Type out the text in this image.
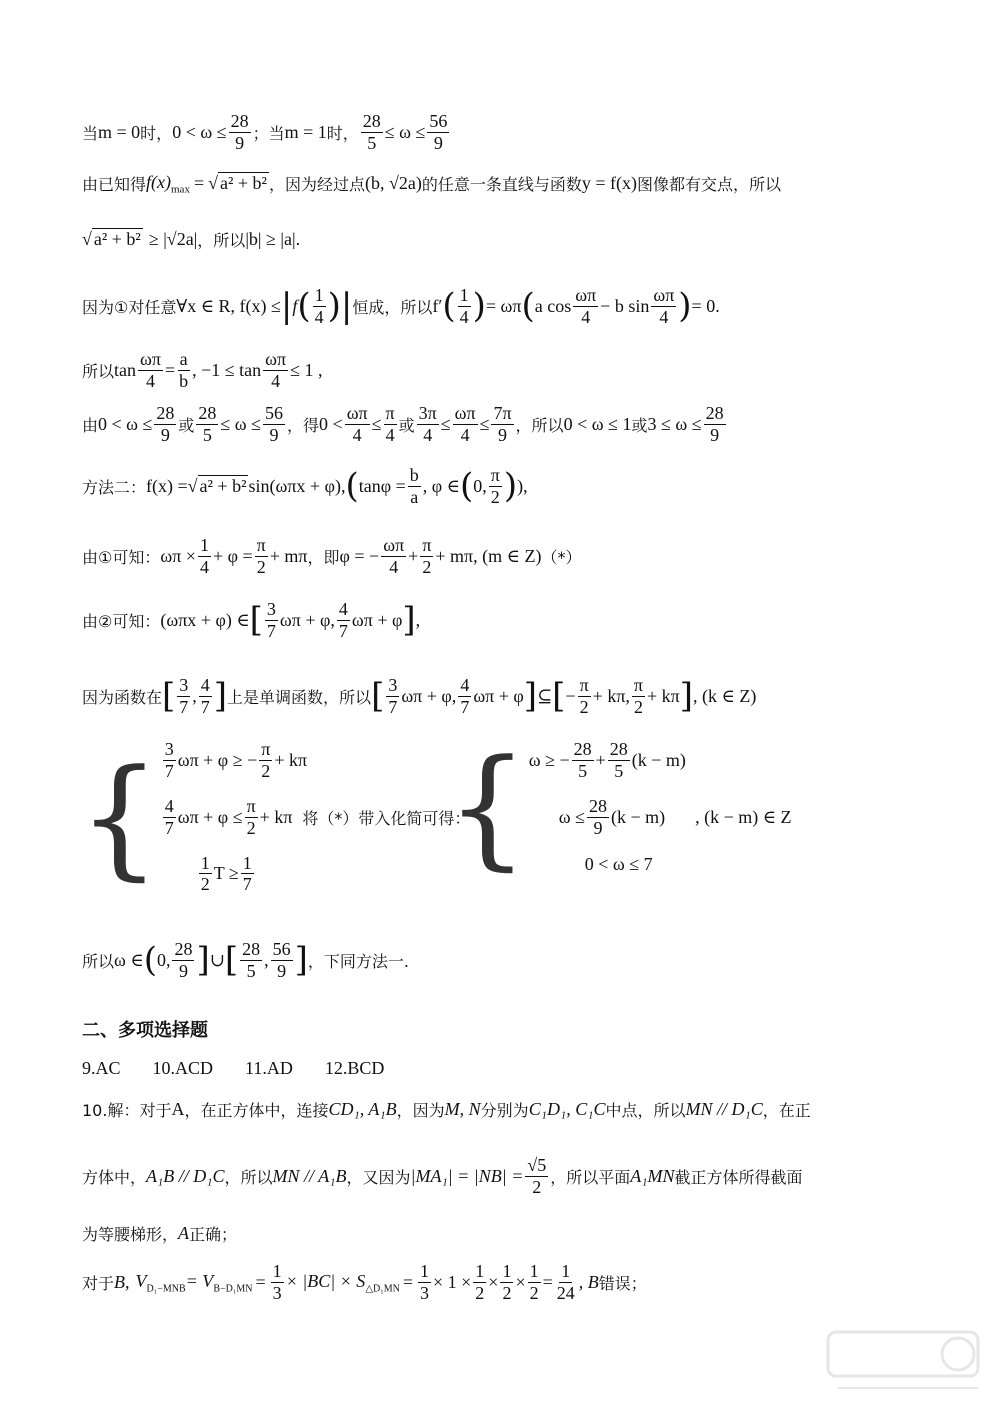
当 m = 0 时， $0 < \omega \le \frac{28}{9}$ ；当 m = 1 时， $\frac{28}{5} \le \omega \le \frac{56}{9}$
由已知得 $f(x)_{max}$ = √ a² + b² ，因为经过点 (b, √2a) 的任意一条直线与函数 y = f(x) 图像都有交点，所以
√ a² + b² ≥ |√2a| ，所以 |b| ≥ |a|.
因为①对任意 ∀x ∈ R, f(x) ≤ | f ( $\frac{1}{4}$ )| 恒成，所以 f′ ( $\frac{1}{4}$ ) = ωπ ( a $\cos \frac{\omega\pi}{4} - b$ $\sin \frac{\omega\pi}{4}$ ) = 0.
所以 $\tan \frac{\omega\pi}{4} = \frac{a}{b}$ , $-1 \le \tan \frac{\omega\pi}{4} \le 1$ ,
由 $0 < \omega \le \frac{28}{9}$ 或 $\frac{28}{5} \le \omega \le \frac{56}{9}$ ，得 $0 < \frac{\omega\pi}{4} \le \frac{\pi}{4}$ 或 $\frac{3\pi}{4} \le \frac{\omega\pi}{4} \le \frac{7\pi}{9}$ ，所以 0 < ω ≤ 1 或 $3 \le \omega \le \frac{28}{9}$
方法二： f(x) = √ a² + b² sin(ωπx + φ), ( $\tan\varphi = \frac{b}{a}$ , φ ∈ ( 0, $\frac{\pi}{2}$ ) ),
由①可知： $\omega\pi \times \frac{1}{4} + \varphi = \frac{\pi}{2} + m\pi$ ，即 φ = − $\frac{\omega\pi}{4} + \frac{\pi}{2} + m\pi$, (m ∈ Z) （*）
由②可知： (ωπx + φ) ∈ [ $\frac{3}{7}$ ωπ + φ, $\frac{4}{7}$ ωπ + φ ] ,
因为函数在 [ $\frac{3}{7}$ , $\frac{4}{7}$ ] 上是单调函数，所以 [ $\frac{3}{7}$ ωπ + φ, $\frac{4}{7}$ ωπ + φ ] ⊆ [ − $\frac{\pi}{2} + k\pi$, $\frac{\pi}{2} + k\pi$ ] , (k ∈ Z)
{ $\frac{3}{7}$ ωπ + φ ≥ − $\frac{\pi}{2} + k\pi$
$\frac{4}{7}$ $\omega\pi + \varphi \le \frac{\pi}{2} + k\pi$ 将（*）带入化简可得：
$\frac{1}{2}$ $T \ge \frac{1}{7}$ { ω ≥ − $\frac{28}{5} + \frac{28}{5} (k - m)$
$\omega \le \frac{28}{9} (k - m)$ , (k − m) ∈ Z
0 < ω ≤ 7
所以 ω ∈ ( 0, $\frac{28}{9}$ ] ∪ [ $\frac{28}{5}$ , $\frac{56}{9}$ ] ，下同方法一.
二、多项选择题
9.AC 10.ACD 11.AD 12.BCD
10.解：对于 A ，在正方体中，连接 CD₁, A₁B ，因为 M, N 分别为 C₁D₁, C₁C 中点，所以 MN // D₁C ，在正
方体中， A₁B // D₁C ，所以 MN // A₁B ，又因为 $|MA_1| = |NB| = \frac{√5}{2}$ ，所以平面 A₁MN 截正方体所得截面
为等腰梯形， A 正确；
对于 B, $V_{D_1-MNB} = V_{B-D_1MN} = \frac{1}{3} \times |BC| \times S_{\triangle D_1MN} = \frac{1}{3} \times 1 \times \frac{1}{2} \times \frac{1}{2} \times \frac{1}{2} = \frac{1}{24}$ , B 错误；
